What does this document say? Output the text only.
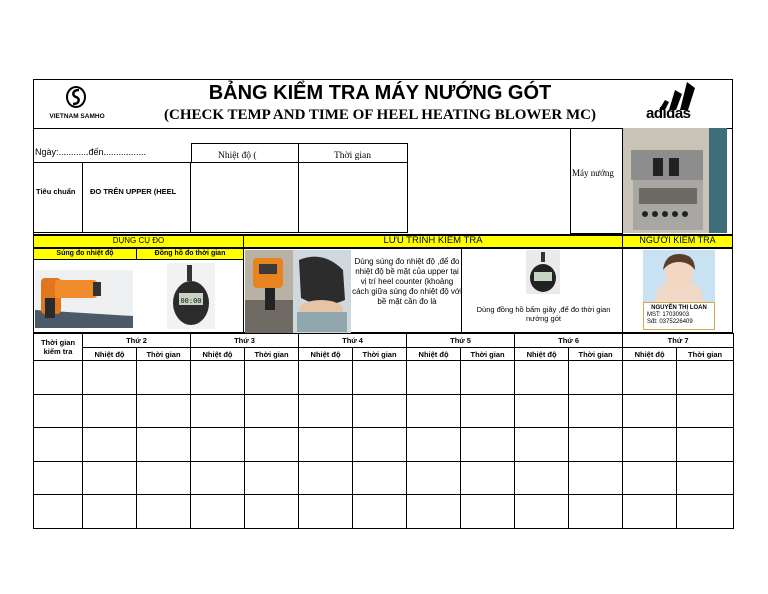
VIETNAM SAMHO
BẢNG KIỂM TRA MÁY NƯỚNG GÓT
(CHECK TEMP AND TIME OF HEEL HEATING BLOWER MC)	adidas
Ngày:............đến.................	Nhiệt độ (	Thời gian
Tiêu chuẩn ĐO TRÊN UPPER (HEEL
Máy nướng
DỤNG CỤ ĐO	LƯU TRÌNH KIỂM TRA	NGƯỜI KIỂM TRA
Súng đo nhiệt độ	Đồng hồ đo thời gian
00:00
Dùng súng đo nhiệt độ ,để đo nhiệt độ bề mặt của upper tại vị trí heel counter (khoảng cách giữa súng đo nhiệt độ với bề mặt cần đo là
Dùng đồng hồ bấm giây ,để đo thời gian nướng gót
NGUYỄN THỊ LOAN
MST: 17030903
Sđt: 0375226409
Thời gian kiểm tra	Thứ 2		Thứ 3		Thứ 4		Thứ 5		Thứ 6		Thứ 7	
	Nhiệt độ	Thời gian	Nhiệt độ	Thời gian	Nhiệt độ	Thời gian	Nhiệt độ	Thời gian	Nhiệt độ	Thời gian	Nhiệt độ	Thời gian
